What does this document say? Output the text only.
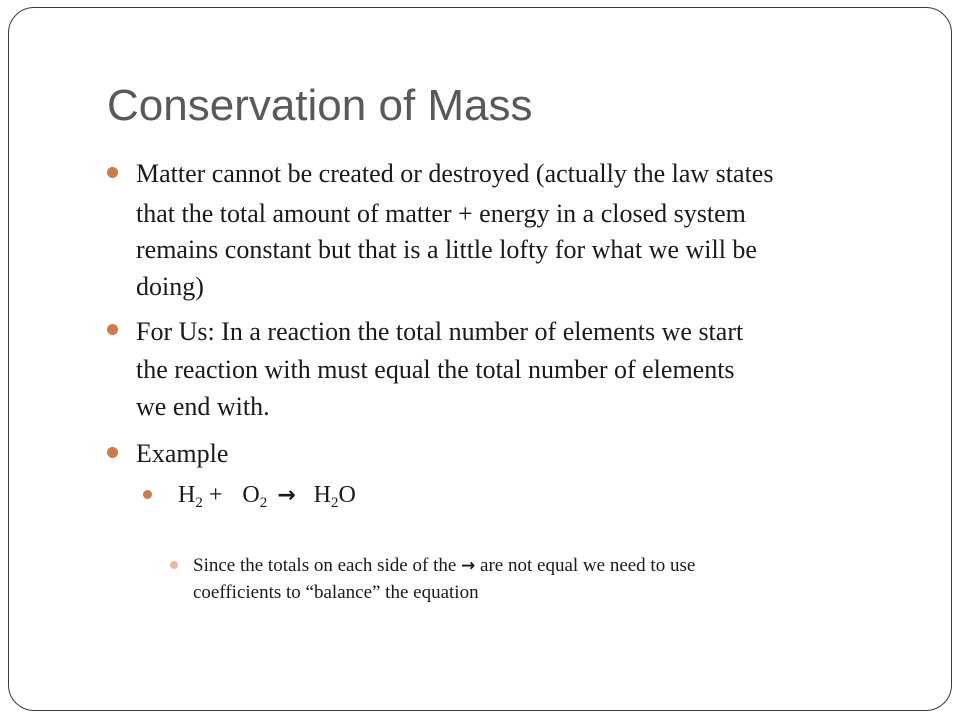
Conservation of Mass
Matter cannot be created or destroyed (actually the law states
that the total amount of matter + energy in a closed system
remains constant but that is a little lofty for what we will be
doing)
For Us: In a reaction the total number of elements we start
the reaction with must equal the total number of elements
we end with.
Example
$H_2 + O_2 \to H_2O$
Since the totals on each side of the → are not equal we need to use
coefficients to “balance” the equation
